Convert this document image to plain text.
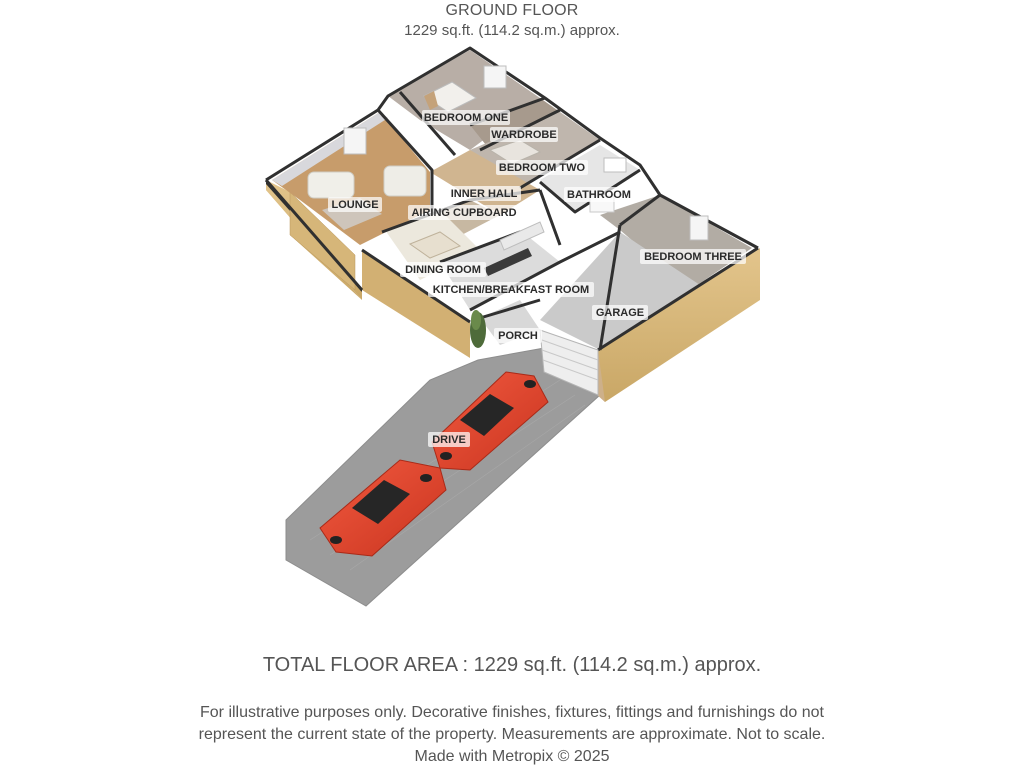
GROUND FLOOR
1229 sq.ft. (114.2 sq.m.) approx.
BEDROOM ONE
WARDROBE
BEDROOM TWO
BATHROOM
LOUNGE
INNER HALL
AIRING CUPBOARD
BEDROOM THREE
DINING ROOM
KITCHEN/BREAKFAST ROOM
GARAGE
PORCH
DRIVE
TOTAL FLOOR AREA : 1229 sq.ft. (114.2 sq.m.) approx.
For illustrative purposes only. Decorative finishes, fixtures, fittings and furnishings do not
represent the current state of the property. Measurements are approximate. Not to scale.
Made with Metropix © 2025
